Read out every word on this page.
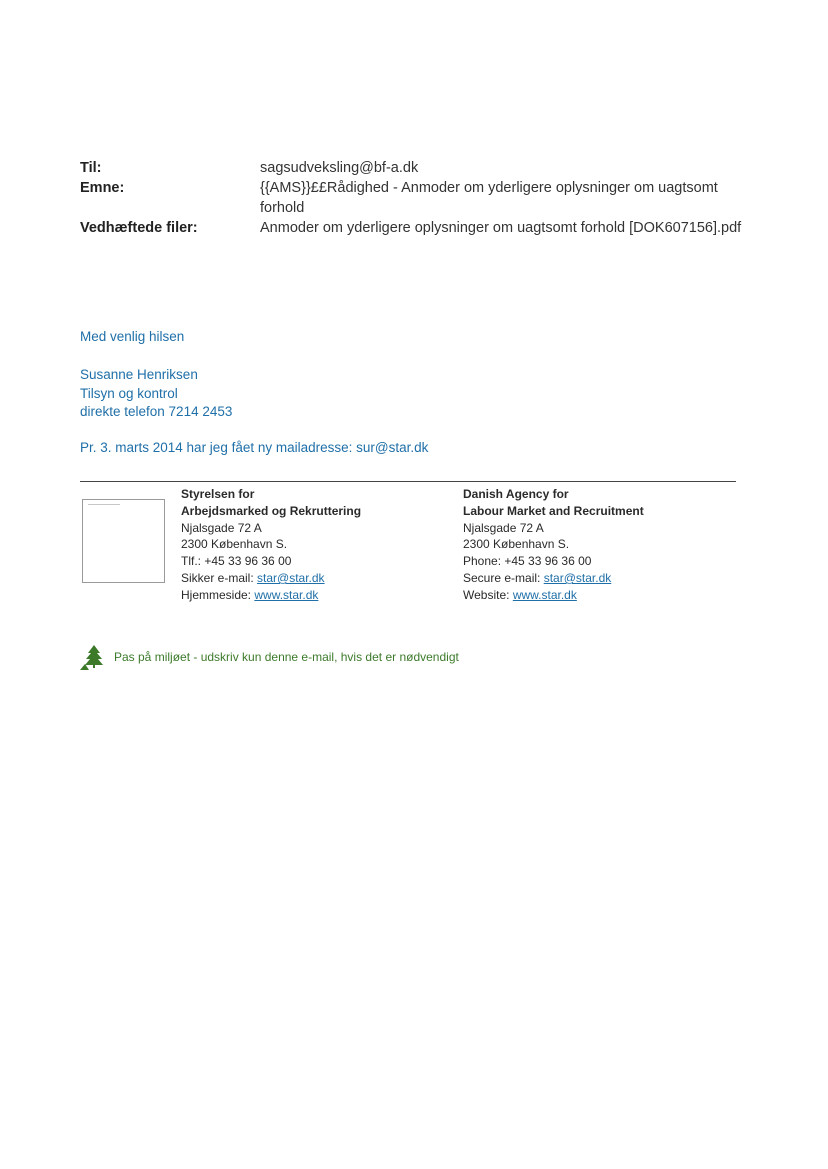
Til:	sagsudveksling@bf-a.dk
Emne:	{{AMS}}££Rådighed - Anmoder om yderligere oplysninger om uagtsomt forhold
Vedhæftede filer:	Anmoder om yderligere oplysninger om uagtsomt forhold [DOK607156].pdf
Med venlig hilsen
Susanne Henriksen
Tilsyn og kontrol
direkte telefon 7214 2453
Pr. 3. marts 2014 har jeg fået ny mailadresse: sur@star.dk
Styrelsen for
Arbejdsmarked og Rekruttering
Njalsgade 72 A
2300 København S.
Tlf.: +45 33 96 36 00
Sikker e-mail: star@star.dk
Hjemmeside: www.star.dk
Danish Agency for
Labour Market and Recruitment
Njalsgade 72 A
2300 København S.
Phone: +45 33 96 36 00
Secure e-mail: star@star.dk
Website: www.star.dk
Pas på miljøet - udskriv kun denne e-mail, hvis det er nødvendigt
